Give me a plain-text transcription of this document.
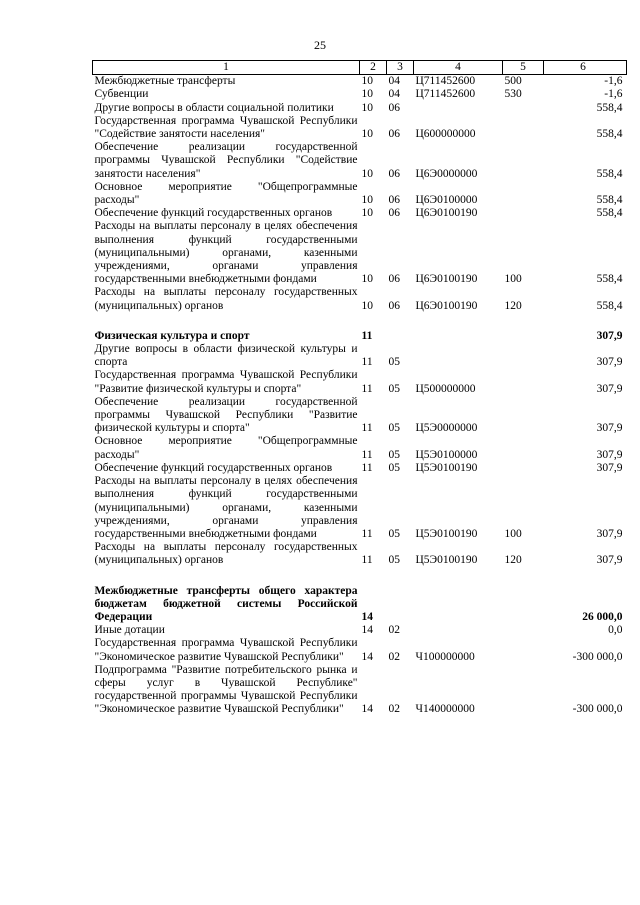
25
1	2	3	4	5	6
Межбюджетные трансферты	10	04	Ц711452600	500	-1,6
Субвенции	10	04	Ц711452600	530	-1,6
Другие вопросы в области социальной политики	10	06			558,4
Государственная программа Чувашской Республики "Содействие занятости населения"	10	06	Ц600000000		558,4
Обеспечение реализации государственной программы Чувашской Республики "Содействие занятости населения"	10	06	Ц6Э0000000		558,4
Основное мероприятие "Общепрограммные расходы"	10	06	Ц6Э0100000		558,4
Обеспечение функций государственных органов	10	06	Ц6Э0100190		558,4
Расходы на выплаты персоналу в целях обеспечения выполнения функций государственными (муниципальными) органами, казенными учреждениями, органами управления государственными внебюджетными фондами	10	06	Ц6Э0100190	100	558,4
Расходы на выплаты персоналу государственных (муниципальных) органов	10	06	Ц6Э0100190	120	558,4

Физическая культура и спорт	11				307,9
Другие вопросы в области физической культуры и спорта	11	05			307,9
Государственная программа Чувашской Республики "Развитие физической культуры и спорта"	11	05	Ц500000000		307,9
Обеспечение реализации государственной программы Чувашской Республики "Развитие физической культуры и спорта"	11	05	Ц5Э0000000		307,9
Основное мероприятие "Общепрограммные расходы"	11	05	Ц5Э0100000		307,9
Обеспечение функций государственных органов	11	05	Ц5Э0100190		307,9
Расходы на выплаты персоналу в целях обеспечения выполнения функций государственными (муниципальными) органами, казенными учреждениями, органами управления государственными внебюджетными фондами	11	05	Ц5Э0100190	100	307,9
Расходы на выплаты персоналу государственных (муниципальных) органов	11	05	Ц5Э0100190	120	307,9

Межбюджетные трансферты общего характера бюджетам бюджетной системы Российской Федерации	14				26 000,0
Иные дотации	14	02			0,0
Государственная программа Чувашской Республики "Экономическое развитие Чувашской Республики"	14	02	Ч100000000		-300 000,0
Подпрограмма "Развитие потребительского рынка и сферы услуг в Чувашской Республике" государственной программы Чувашской Республики "Экономическое развитие Чувашской Республики"	14	02	Ч140000000		-300 000,0
